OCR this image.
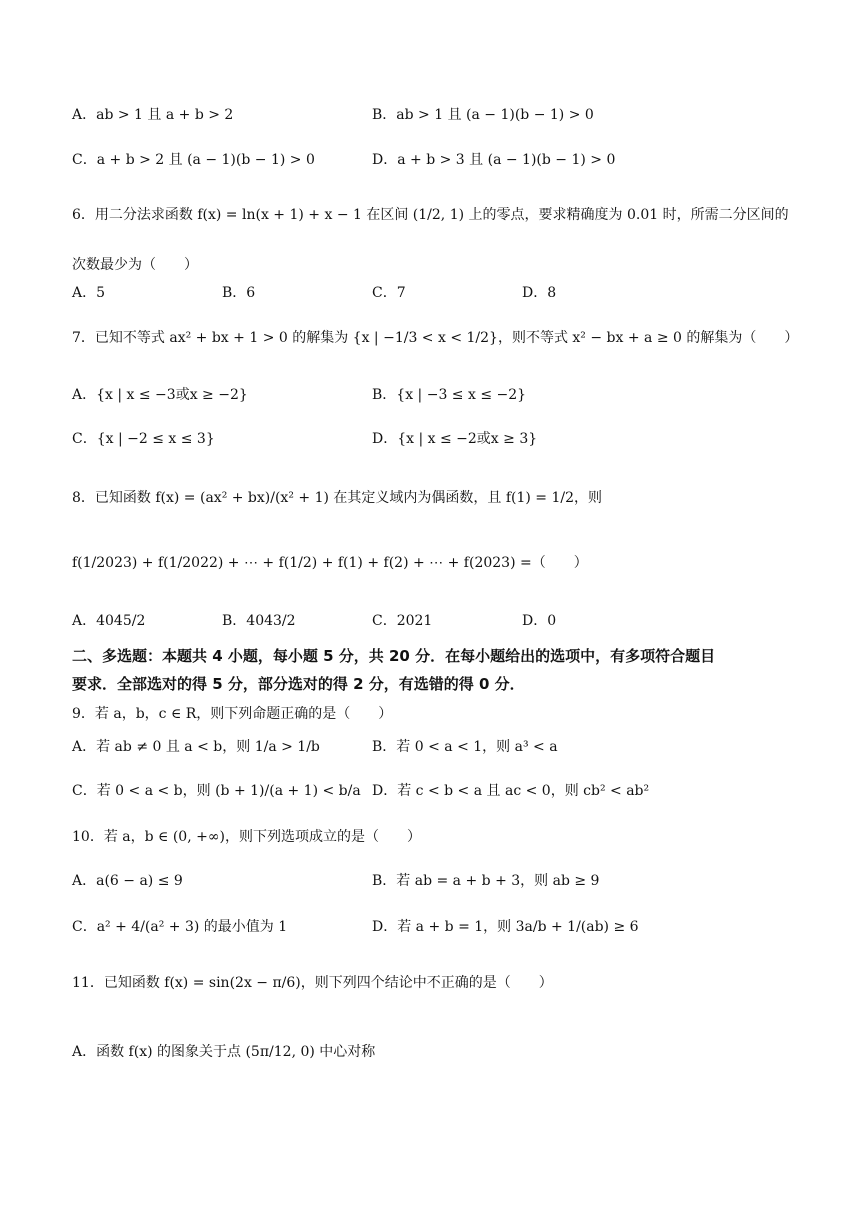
A．ab > 1 且 a + b > 2	B．ab > 1 且 (a − 1)(b − 1) > 0
C．a + b > 2 且 (a − 1)(b − 1) > 0	D．a + b > 3 且 (a − 1)(b − 1) > 0
6．用二分法求函数 f(x) = ln(x + 1) + x − 1 在区间 (1/2, 1) 上的零点，要求精确度为 0.01 时，所需二分区间的
次数最少为（　　）
A．5	B．6	C．7	D．8
7．已知不等式 ax² + bx + 1 > 0 的解集为 {x | −1/3 < x < 1/2}，则不等式 x² − bx + a ≥ 0 的解集为（　　）
A．{x | x ≤ −3或x ≥ −2}	B．{x | −3 ≤ x ≤ −2}
C．{x | −2 ≤ x ≤ 3}	D．{x | x ≤ −2或x ≥ 3}
8．已知函数 f(x) = (ax² + bx)/(x² + 1) 在其定义域内为偶函数，且 f(1) = 1/2，则
f(1/2023) + f(1/2022) + ⋯ + f(1/2) + f(1) + f(2) + ⋯ + f(2023) =（　　）
A．4045/2	B．4043/2	C．2021	D．0
二、多选题：本题共 4 小题，每小题 5 分，共 20 分．在每小题给出的选项中，有多项符合题目
要求．全部选对的得 5 分，部分选对的得 2 分，有选错的得 0 分．
9．若 a，b，c ∈ R，则下列命题正确的是（　　）
A．若 ab ≠ 0 且 a < b，则 1/a > 1/b	B．若 0 < a < 1，则 a³ < a
C．若 0 < a < b，则 (b + 1)/(a + 1) < b/a D．若 c < b < a 且 ac < 0，则 cb² < ab²
10．若 a，b ∈ (0, +∞)，则下列选项成立的是（　　）
A．a(6 − a) ≤ 9	B．若 ab = a + b + 3，则 ab ≥ 9
C．a² + 4/(a² + 3) 的最小值为 1	D．若 a + b = 1，则 3a/b + 1/(ab) ≥ 6
11．已知函数 f(x) = sin(2x − π/6)，则下列四个结论中不正确的是（　　）
A．函数 f(x) 的图象关于点 (5π/12, 0) 中心对称
